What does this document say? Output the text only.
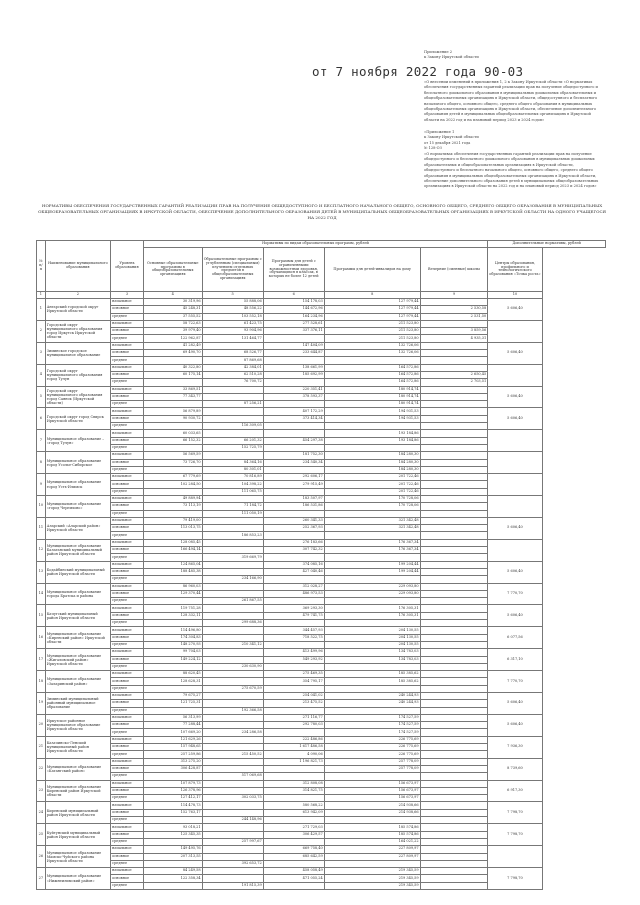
от 7 ноября 2022 года 90-03
Приложение 2
к Закону Иркутской области
«О внесении изменений в приложения 1, 2 к Закону Иркутской области «О нормативах обеспечения государственных гарантий реализации прав на получение общедоступного и бесплатного дошкольного образования в муниципальных дошкольных образовательных и общеобразовательных организациях в Иркутской области, общедоступного и бесплатного начального общего, основного общего, среднего общего образования в муниципальных общеобразовательных организациях в Иркутской области, обеспечение дополнительного образования детей в муниципальных общеобразовательных организациях в Иркутской области на 2022 год и на плановый период 2023 и 2024 годов»
«Приложение 1
к Закону Иркутской области
от 15 декабря 2021 года
№ 128-ОЗ
«О нормативах обеспечения государственных гарантий реализации прав на получение общедоступного и бесплатного дошкольного образования в муниципальных дошкольных образовательных и общеобразовательных организациях в Иркутской области, общедоступного и бесплатного начального общего, основного общего, среднего общего образования в муниципальных общеобразовательных организациях в Иркутской области, обеспечение дополнительного образования детей в муниципальных общеобразовательных организациях в Иркутской области на 2022 год и на плановый период 2023 и 2024 годов»
НОРМАТИВЫ ОБЕСПЕЧЕНИЯ ГОСУДАРСТВЕННЫХ ГАРАНТИЙ РЕАЛИЗАЦИИ ПРАВ НА ПОЛУЧЕНИЕ ОБЩЕДОСТУПНОГО И БЕСПЛАТНОГО НАЧАЛЬНОГО ОБЩЕГО, ОСНОВНОГО ОБЩЕГО, СРЕДНЕГО ОБЩЕГО ОБРАЗОВАНИЯ В МУНИЦИПАЛЬНЫХ ОБЩЕОБРАЗОВАТЕЛЬНЫХ ОРГАНИЗАЦИЯХ В ИРКУТСКОЙ ОБЛАСТИ, ОБЕСПЕЧЕНИЕ ДОПОЛНИТЕЛЬНОГО ОБРАЗОВАНИЯ ДЕТЕЙ В МУНИЦИПАЛЬНЫХ ОБЩЕОБРАЗОВАТЕЛЬНЫХ ОРГАНИЗАЦИЯХ В ИРКУТСКОЙ ОБЛАСТИ НА ОДНОГО УЧАЩЕГОСЯ НА 2022 ГОД
№ п/п	Наименование муниципального образования	Уровень образования	Нормативы по видам образовательных программ, рублей					Дополнительные нормативы, рублей
			Основные образовательные программы в общеобразовательных организациях	Образовательные программы с углубленным (специальным) изучением отдельных предметов в общеобразовательных организациях	Программы для детей с ограниченными возможностями здоровья, обучающихся в классах, в которых не более 12 детей		Программы для детей-инвалидов на дому	Вечерние (сменные) школы	Центры образования, профильного и технологического образования «Точка роста»
1	2	3	4	5	6		8	9	10
1	Ангарский городской округ Иркутской области	начальное	30 319,96	55 888,06	154 178,03		127 979,44		5 606,40
		основное	45 248,31	48 556,22	144 672,96		127 979,44	2 530,58	
		среднее	37 555,52	103 552,18	164 234,96		127 979,44	2 531,50	
2	Городской округ муниципального образования город Иркутск Иркутской области	начальное	58 722,63	61 423,75	277 528,61		211 523,80		
		основное	39 979,40	93 904,96	337 376,11		211 523,80	3 859,56	
		среднее	122 962,87	131 464,77			211 523,80	4 935,31	
3	Зиминское городское муниципальное образование	начальное	41 282,49		147 404,09		132 726,06		5 606,40
		основное	69 490,70	68 526,77	233 644,87		132 726,06		
		среднее		87 869,68				
4	Городской округ муниципального образования город Тулун	начальное	40 322,80	42 384,01	138 661,99		164 572,86		
		основное	60 175,14	62 510,28	185 692,99		164 572,86	2 650,45	
		среднее		76 700,72			164 572,86	2 703,51	
5	Городской округ муниципального образования город Саянск (Иркутской области)	начальное	33 869,51		220 351,41		180 914,74		5 606,40
		основное	77 343,77		378 593,37		180 914,74		
		среднее		87 256,21			180 914,74		
6	Городской округ город Свирск Иркутской области	начальное	56 879,89		407 172,29		194 931,53		5 606,40
		основное	90 930,72		373 414,34		194 931,53		
		среднее		116 309,05				
7	Муниципальное образование – «город Тулун»	начальное	60 033,65				193 184,86		
		основное	66 152,32	66 201,32	454 297,38		193 184,86		
		среднее		152 725,79				
8	Муниципальное образование город Усолье-Сибирское	начальное	56 569,59		181 752,30		184 280,30		
		основное	73 726,70	84 364,16	234 540,34		184 280,30		
		среднее		80 301,01			184 280,30		
9	Муниципальное образование город Усть-Илимск	начальное	67 779,69	70 816,89	292 606,17		201 722,46		
		основное	102 284,50	104 398,22	279 915,49		201 722,46		
		среднее		111 065,75			201 722,46		
10	Муниципальное образование «город Черемхово»	начальное	49 889,94		183 507,97		170 728,06		
		основное	73 113,19	71 184,72	186 531,86		170 728,06		
		среднее		111 050,19				
11	Аларский «Аларский район» Иркутской области	начальное	79 419,00		260 341,33		321 342,48		5 606,40
		основное	113 013,75		252 367,93		321 342,48		
		среднее		186 853,23				
12	Муниципальное образование Балаганский муниципальный район Иркутской области	начальное	128 085,45		276 183,66		176 367,34		
		основное	166 494,14		307 742,32		176 367,34		
		среднее		319 669,79				
13	Бодайбинский муниципальный район Иркутской области	начальное	124 865,04		374 085,16		199 204,44		5 606,40
		основное	188 485,38		427 040,46		199 204,44		
		среднее		234 166,90				
14	Муниципальное образование города Братска и района	начальное	86 960,03		312 028,27		229 093,80		7 770,70
		основное	129 370,44		486 973,53		229 093,80		
		среднее		261 867,55				
15	Качугский муниципальный район Иркутской области	начальное	119 751,28		369 293,30		176 305,31		5 606,40
		основное	128 332,11		479 741,75		176 305,31		
		среднее		299 688,36				
16	Муниципальное образование «Киренский район» Иркутской области	начальное	114 496,80		344 457,93		204 130,55		6 077,56
		основное	174 304,83		718 522,75		204 130,55		
		среднее	148 270,93	210 341,12			204 130,55		
17	Муниципальное образование «Жигаловский район» Иркутской области	начальное	99 704,03		413 499,96		134 783,03		6 317,10
		основное	149 224,12		549 293,92		134 783,03		
		среднее		230 630,90				
18	Муниципальное образование «Заларинский район»	начальное	88 620,45		275 469,35		185 385,62		7 770,70
		основное	128 628,31		354 795,17		185 385,62		
		среднее		275 670,59				
19	Зиминский муниципальный районный муниципальное образование	начальное	79 675,27		254 041,02		240 244,93		5 606,40
		основное	121 725,31		213 475,52		240 244,93		
		среднее		192 366,58				
20	Иркутское районное муниципальное образование Иркутской области	начальное	56 313,99		271 116,77		174 527,59		5 606,40
		основное	77 288,44		292 780,03		174 527,59		
		среднее	107 669,20	234 286,58			174 527,59		
21	Казачинско-Ленский муниципальный район Иркутской области	начальное	121 629,26		222 486,86		226 775,69		7 936,30
		основное	157 948,65		1 617 486,58		226 775,69		
		среднее	257 259,86	215 450,52	4 090,06		226 775,69		
22	Муниципальное образование «Катангский район»	начальное	313 275,20		1 196 821,73		257 778,09		8 739,60
		основное	306 428,87				257 778,09		
		среднее		517 069,68				
23	Муниципальное образование Киренский район Иркутской области	начальное	107 879,73		312 808,08		156 673,97		6 917,30
		основное	126 378,96		314 821,75		156 673,97		
		среднее	127 412,17	302 033,75			156 673,97		
24	Киренский муниципальный район Иркутской области	начальное	114 478,73		580 568,22		214 938,66		7 798,70
		основное	152 763,17		613 942,09		214 938,66		
		среднее		244 148,96				
25	Куйтунский муниципальный район Иркутской области	начальное	93 018,21		271 729,03		185 574,86		7 798,70
		основное	125 345,35		306 429,57		185 574,86		
		среднее		257 997,67			164 021,22		
26	Муниципальное образование Мамско-Чуйского района Иркутской области	начальное	149 495,76		669 758,40		227 809,97		
		основное	207 313,55		685 642,59		227 809,97		
		среднее		392 653,72				
27	Муниципальное образование «Нижнеилимский район»	начальное	84 249,58		458 058,49		219 345,59		7 798,70
		основное	122 358,34		471 055,24		219 345,59		
		среднее		191 815,39			219 345,59		
